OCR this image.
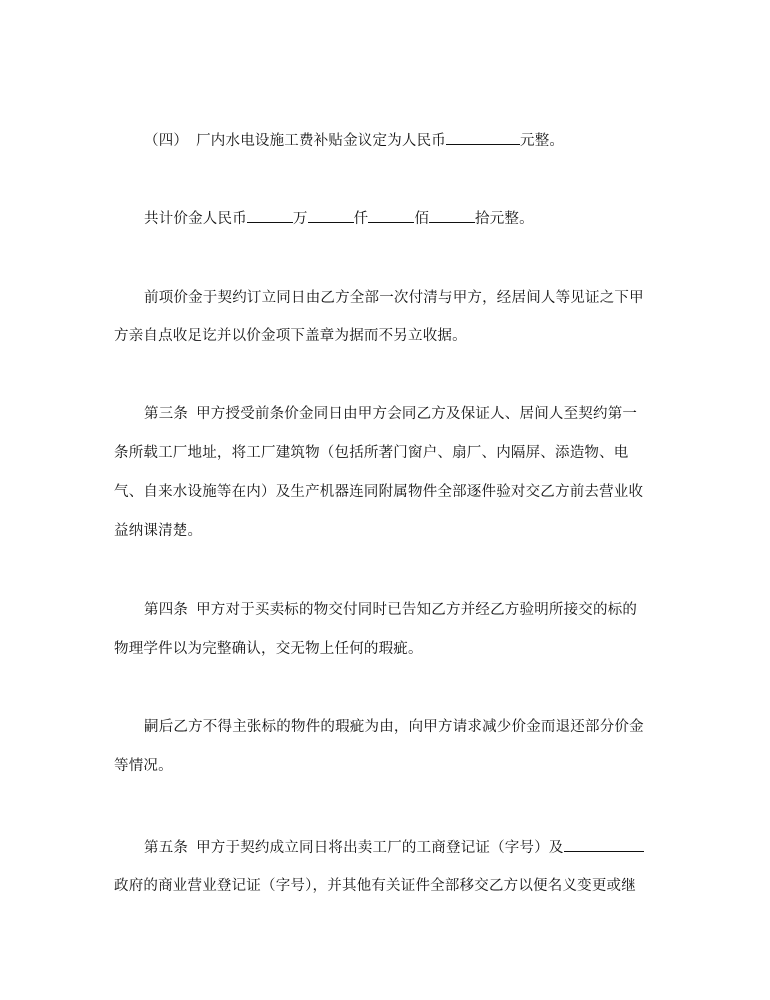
（四） 厂内水电设施工费补贴金议定为人民币	元整。
共计价金人民币	万	仟	佰	拾元整。
前项价金于契约订立同日由乙方全部一次付清与甲方，经居间人等见证之下甲
方亲自点收足讫并以价金项下盖章为据而不另立收据。
第三条 甲方授受前条价金同日由甲方会同乙方及保证人、居间人至契约第一
条所载工厂地址，将工厂建筑物（包括所著门窗户、扇厂、内隔屏、添造物、电
气、自来水设施等在内）及生产机器连同附属物件全部逐件验对交乙方前去营业收
益纳课清楚。
第四条 甲方对于买卖标的物交付同时已告知乙方并经乙方验明所接交的标的
物理学件以为完整确认，交无物上任何的瑕疵。
嗣后乙方不得主张标的物件的瑕疵为由，向甲方请求减少价金而退还部分价金
等情况。
第五条 甲方于契约成立同日将出卖工厂的工商登记证（字号）及
政府的商业营业登记证（字号），并其他有关证件全部移交乙方以便名义变更或继
